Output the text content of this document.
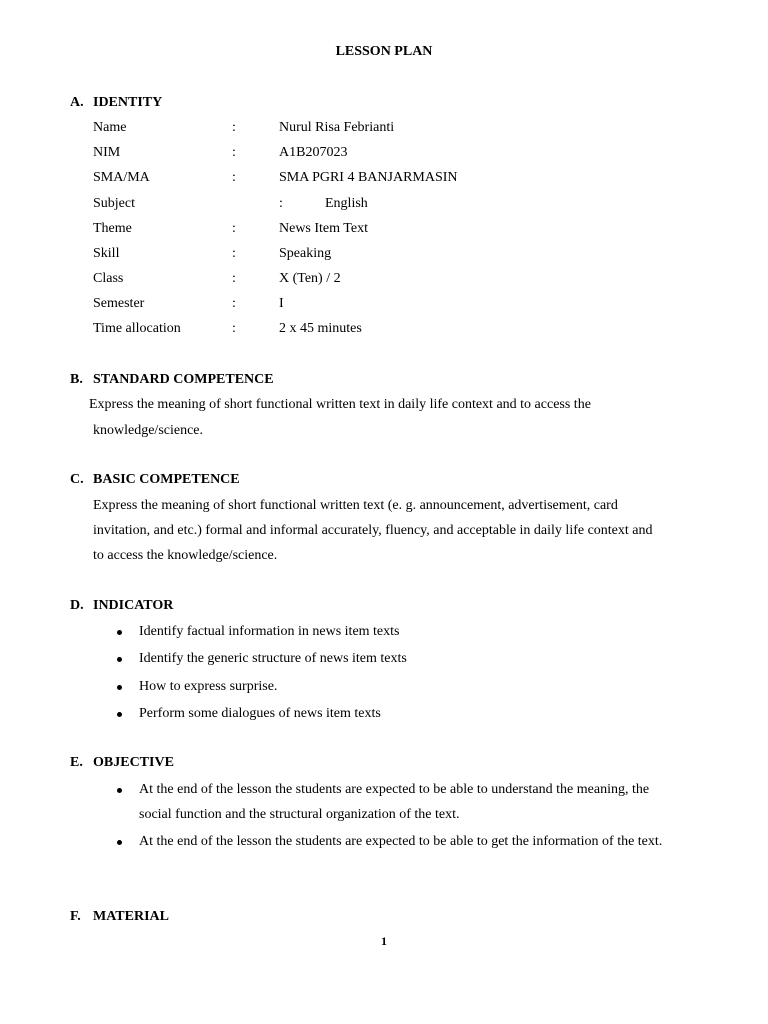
LESSON PLAN
A. IDENTITY
Name	:	Nurul Risa Febrianti
NIM	:	A1B207023
SMA/MA	:	SMA PGRI 4 BANJARMASIN
Subject	:	English
Theme	:	News Item Text
Skill	:	Speaking
Class	:	X (Ten) / 2
Semester	:	I
Time allocation	:	2 x 45 minutes
B. STANDARD COMPETENCE
Express the meaning of short functional written text in daily life context and to access the
knowledge/science.
C. BASIC COMPETENCE
Express the meaning of short functional written text (e. g. announcement, advertisement, card
invitation, and etc.) formal and informal accurately, fluency, and acceptable in daily life context and
to access the knowledge/science.
D. INDICATOR
Identify factual information in news item texts
Identify the generic structure of news item texts
How to express surprise.
Perform some dialogues of news item texts
E. OBJECTIVE
At the end of the lesson the students are expected to be able to understand the meaning, the
social function and the structural organization of the text.
At the end of the lesson the students are expected to be able to get the information of the text.
F. MATERIAL
1
